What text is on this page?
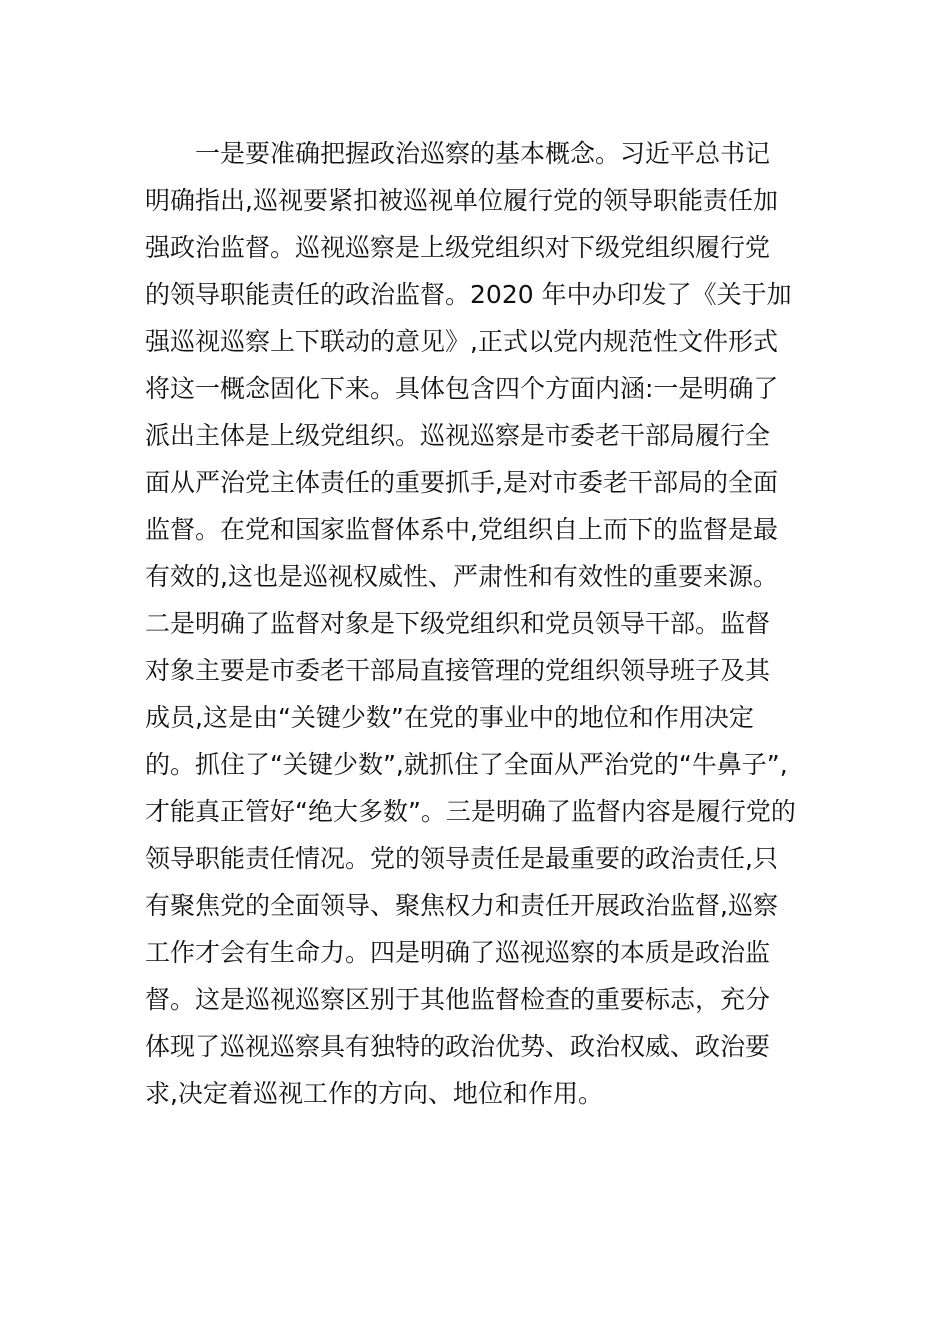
　　一是要准确把握政治巡察的基本概念。习近平总书记
明确指出,巡视要紧扣被巡视单位履行党的领导职能责任加
强政治监督。巡视巡察是上级党组织对下级党组织履行党
的领导职能责任的政治监督。2020 年中办印发了《关于加
强巡视巡察上下联动的意见》,正式以党内规范性文件形式
将这一概念固化下来。具体包含四个方面内涵:一是明确了
派出主体是上级党组织。巡视巡察是市委老干部局履行全
面从严治党主体责任的重要抓手,是对市委老干部局的全面
监督。在党和国家监督体系中,党组织自上而下的监督是最
有效的,这也是巡视权威性、严肃性和有效性的重要来源。
二是明确了监督对象是下级党组织和党员领导干部。监督
对象主要是市委老干部局直接管理的党组织领导班子及其
成员,这是由“关键少数”在党的事业中的地位和作用决定
的。抓住了“关键少数”,就抓住了全面从严治党的“牛鼻子”,
才能真正管好“绝大多数”。三是明确了监督内容是履行党的
领导职能责任情况。党的领导责任是最重要的政治责任,只
有聚焦党的全面领导、聚焦权力和责任开展政治监督,巡察
工作才会有生命力。四是明确了巡视巡察的本质是政治监
督。这是巡视巡察区别于其他监督检查的重要标志，充分
体现了巡视巡察具有独特的政治优势、政治权威、政治要
求,决定着巡视工作的方向、地位和作用。
